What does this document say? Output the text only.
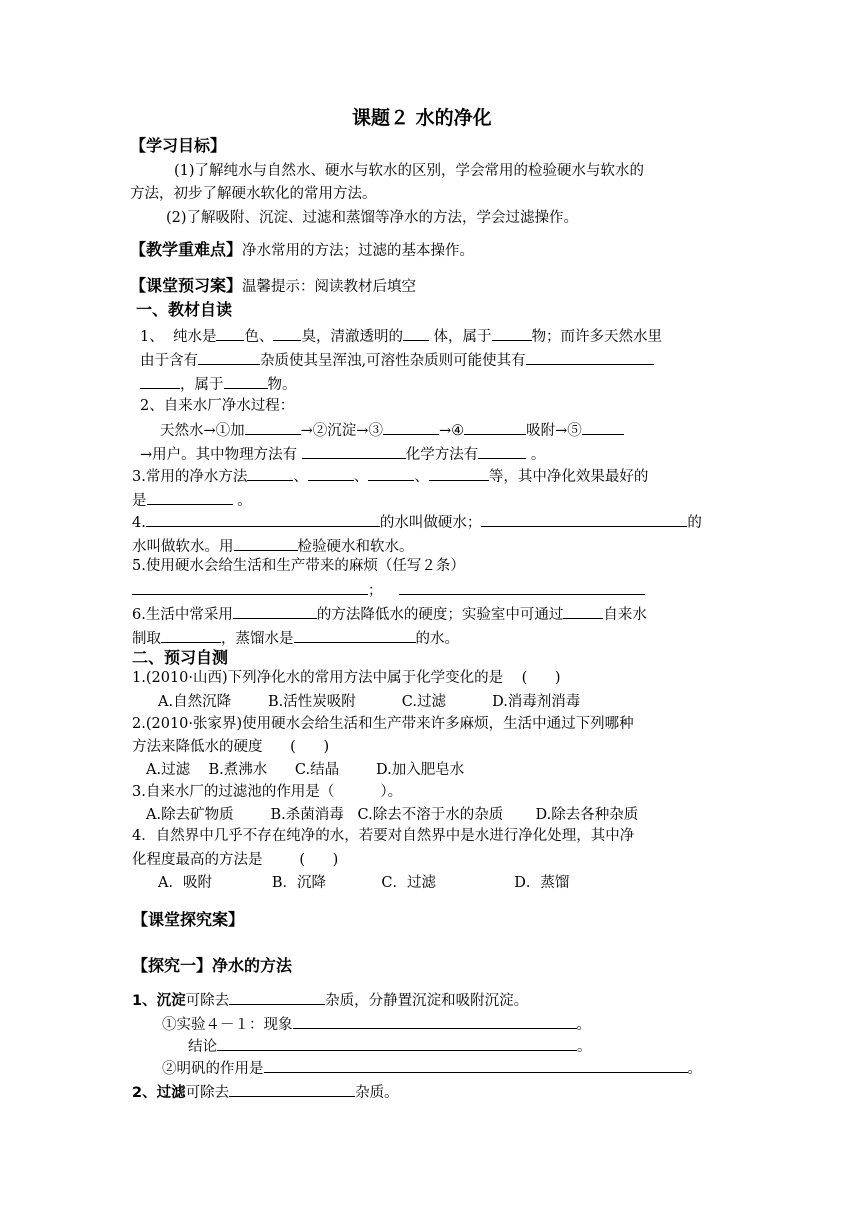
课题２ 水的净化
【学习目标】
(1)了解纯水与自然水、硬水与软水的区别，学会常用的检验硬水与软水的
方法，初步了解硬水软化的常用方法。
(2)了解吸附、沉淀、过滤和蒸馏等净水的方法，学会过滤操作。
【教学重难点】净水常用的方法；过滤的基本操作。
【课堂预习案】温馨提示：阅读教材后填空
一、教材自读
1、  纯水是 色、 臭，清澈透明的 体，属于	物；而许多天然水里
由于含有	杂质使其呈浑浊,可溶性杂质则可能使其有
，属于	物。
2、自来水厂净水过程：
天然水→①加	→②沉淀→③	→④	吸附→⑤
→用户。其中物理方法有	化学方法有	。
3.常用的净水方法	、	、	、	等，其中净化效果最好的
是	。
4.	的水叫做硬水；	的
水叫做软水。用	检验硬水和软水。
5.使用硬水会给生活和生产带来的麻烦（任写２条）
；
6.生活中常采用	的方法降低水的硬度；实验室中可通过	自来水
制取	，蒸馏水是	的水。
二、预习自测
1.(2010·山西)下列净化水的常用方法中属于化学变化的是    (      )
A.自然沉降        B.活性炭吸附          C.过滤          D.消毒剂消毒
2.(2010·张家界)使用硬水会给生活和生产带来许多麻烦，生活中通过下列哪种
方法来降低水的硬度      (      )
A.过滤    B.煮沸水      C.结晶        D.加入肥皂水
3.自来水厂的过滤池的作用是（          ）。
A.除去矿物质        B.杀菌消毒   C.除去不溶于水的杂质       D.除去各种杂质
4．自然界中几乎不存在纯净的水，若要对自然界中是水进行净化处理，其中净
化程度最高的方法是        (      )
A．吸附             B．沉降            C．过滤                 D．蒸馏
【课堂探究案】
【探究一】净水的方法
1、沉淀可除去	杂质，分静置沉淀和吸附沉淀。
①实验４－１：现象	。
结论	。
②明矾的作用是	。
2、过滤可除去	杂质。
